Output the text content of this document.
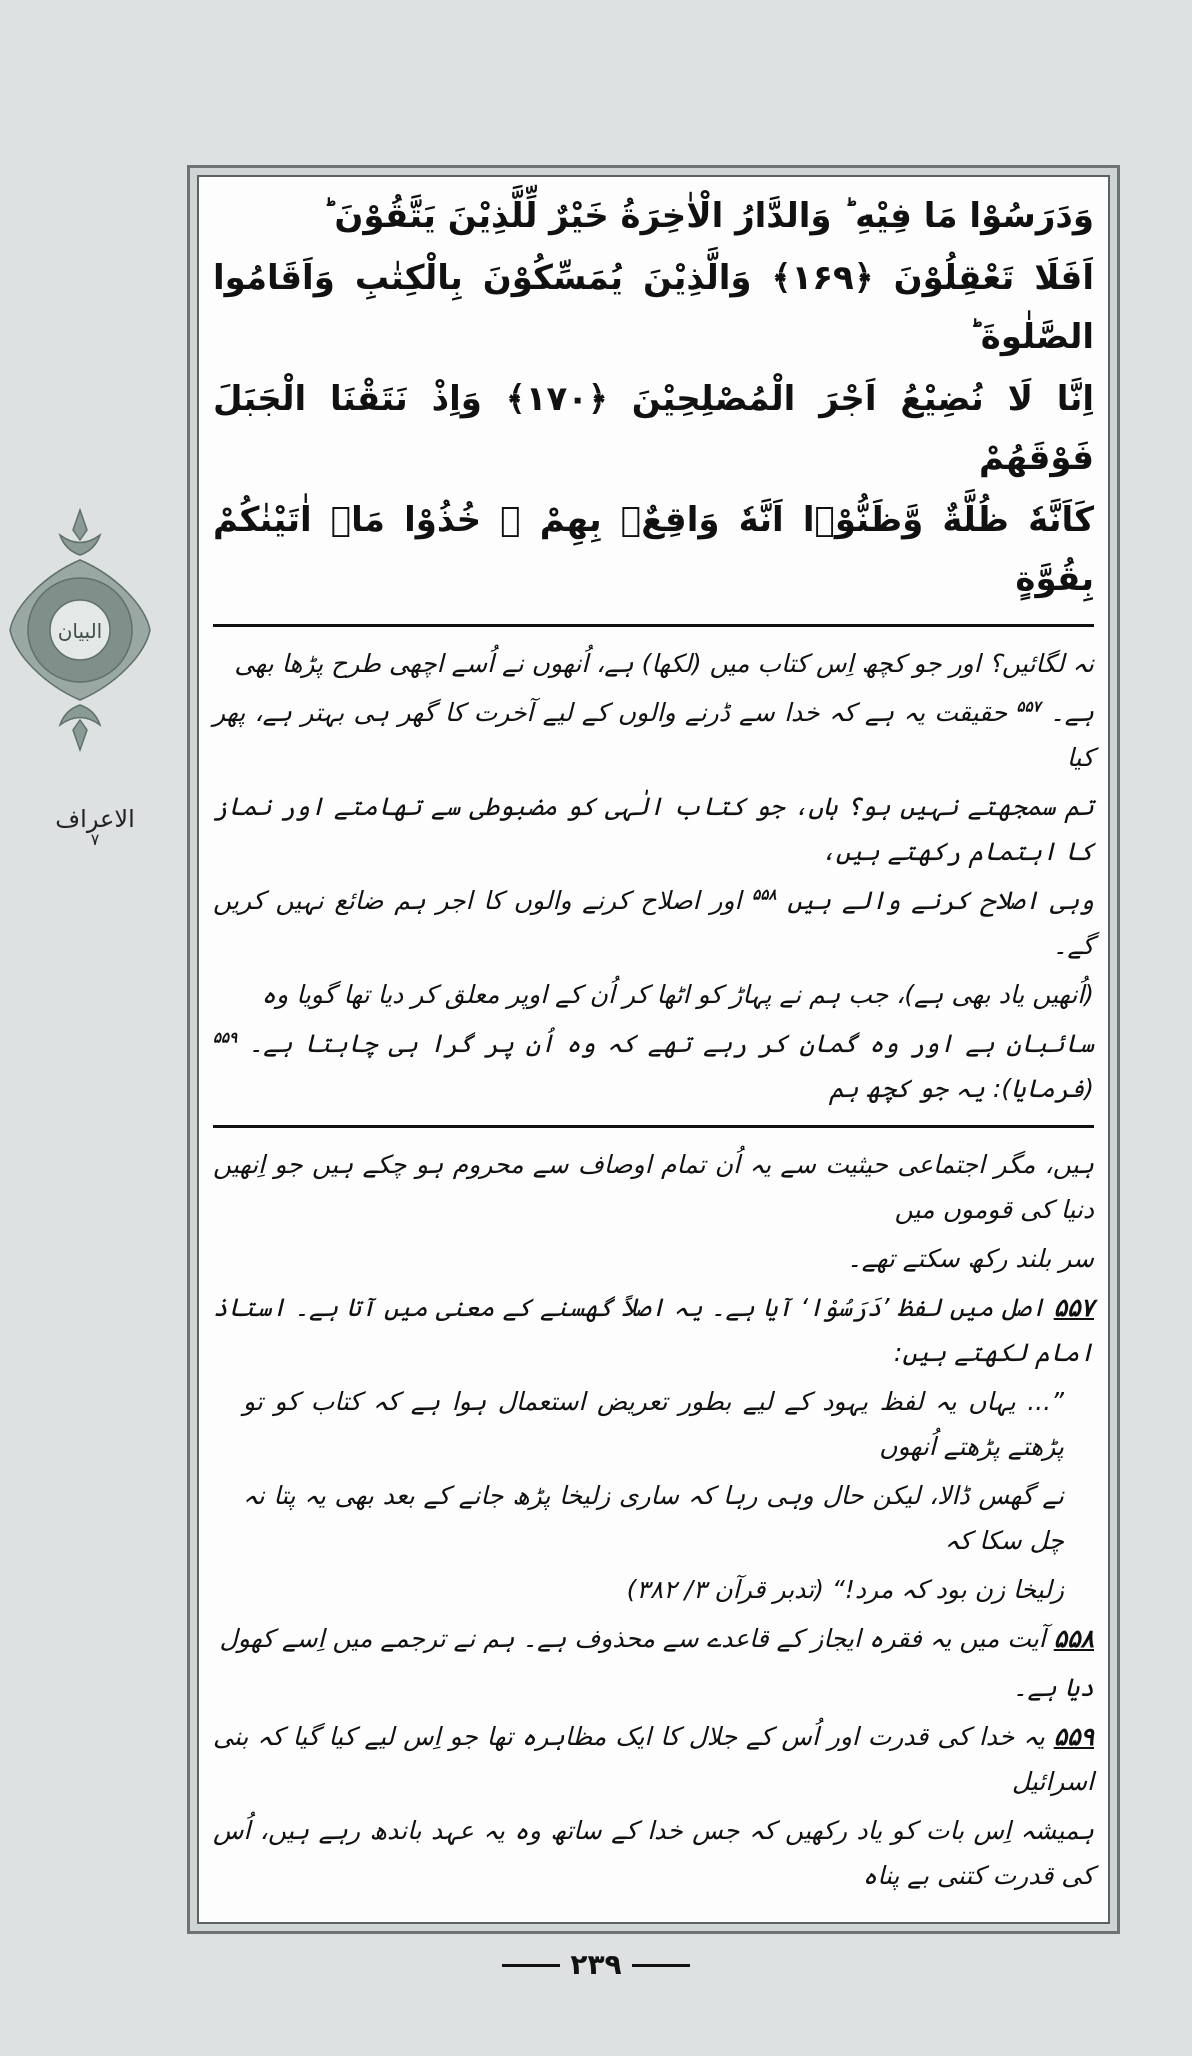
البیان
الاعراف
۷
وَدَرَسُوْا مَا فِيْهِ ؕ وَالدَّارُ الْاٰخِرَةُ خَيْرٌ لِّلَّذِيْنَ يَتَّقُوْنَ ؕ
اَفَلَا تَعْقِلُوْنَ ﴿۱۶۹﴾ وَالَّذِيْنَ يُمَسِّكُوْنَ بِالْكِتٰبِ وَاَقَامُوا الصَّلٰوةَ ؕ
اِنَّا لَا نُضِيْعُ اَجْرَ الْمُصْلِحِيْنَ ﴿۱۷۰﴾ وَاِذْ نَتَقْنَا الْجَبَلَ فَوْقَهُمْ
كَاَنَّهٗ ظُلَّةٌ وَّظَنُّوْۤا اَنَّهٗ وَاقِعٌۢ بِهِمْ ۚ خُذُوْا مَاۤ اٰتَيْنٰكُمْ بِقُوَّةٍ
نہ لگائیں؟ اور جو کچھ اِس کتاب میں (لکھا) ہے، اُنھوں نے اُسے اچھی طرح پڑھا بھی
ہے۔ $^{۵۵۷}$ حقیقت یہ ہے کہ خدا سے ڈرنے والوں کے لیے آخرت کا گھر ہی بہتر ہے، پھر کیا
تم سمجھتے نہیں ہو؟ ہاں، جو کتاب الٰہی کو مضبوطی سے تھامتے اور نماز کا اہتمام رکھتے ہیں،
وہی اصلاح کرنے والے ہیں $^{۵۵۸}$ اور اصلاح کرنے والوں کا اجر ہم ضائع نہیں کریں گے۔
(اُنھیں یاد بھی ہے)، جب ہم نے پہاڑ کو اٹھا کر اُن کے اوپر معلق کر دیا تھا گویا وہ
سائبان ہے اور وہ گمان کر رہے تھے کہ وہ اُن پر گرا ہی چاہتا ہے۔ $^{۵۵۹}$ (فرمایا): یہ جو کچھ ہم
ہیں، مگر اجتماعی حیثیت سے یہ اُن تمام اوصاف سے محروم ہو چکے ہیں جو اِنھیں دنیا کی قوموں میں
سر بلند رکھ سکتے تھے۔
۵۵۷ اصل میں لفظ ’دَرَسُوْا‘ آیا ہے۔ یہ اصلاً گھسنے کے معنی میں آتا ہے۔ استاذ امام لکھتے ہیں:
”... یہاں یہ لفظ یہود کے لیے بطور تعریض استعمال ہوا ہے کہ کتاب کو تو پڑھتے پڑھتے اُنھوں
نے گھس ڈالا، لیکن حال وہی رہا کہ ساری زلیخا پڑھ جانے کے بعد بھی یہ پتا نہ چل سکا کہ
زلیخا زن بود کہ مرد!“ (تدبر قرآن ۳/ ۳۸۲)
۵۵۸ آیت میں یہ فقرہ ایجاز کے قاعدے سے محذوف ہے۔ ہم نے ترجمے میں اِسے کھول
دیا ہے۔
۵۵۹ یہ خدا کی قدرت اور اُس کے جلال کا ایک مظاہرہ تھا جو اِس لیے کیا گیا کہ بنی اسرائیل
ہمیشہ اِس بات کو یاد رکھیں کہ جس خدا کے ساتھ وہ یہ عہد باندھ رہے ہیں، اُس کی قدرت کتنی بے پناہ
۲۳۹
